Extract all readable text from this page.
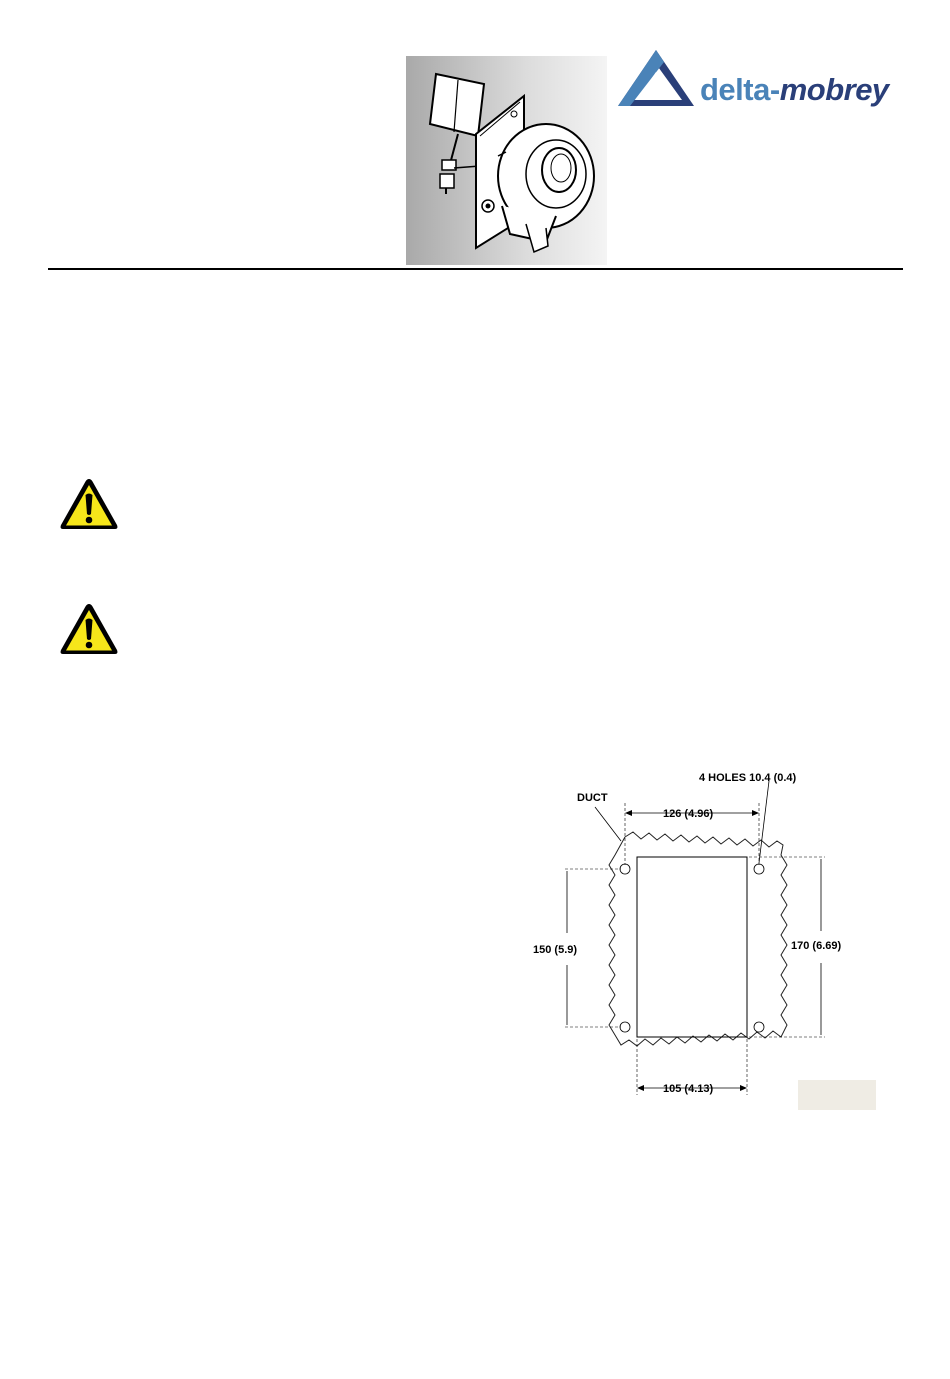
delta-mobrey
DUCT
4 HOLES 10.4 (0.4)
126 (4.96)
150 (5.9)	170 (6.69)
105 (4.13)
